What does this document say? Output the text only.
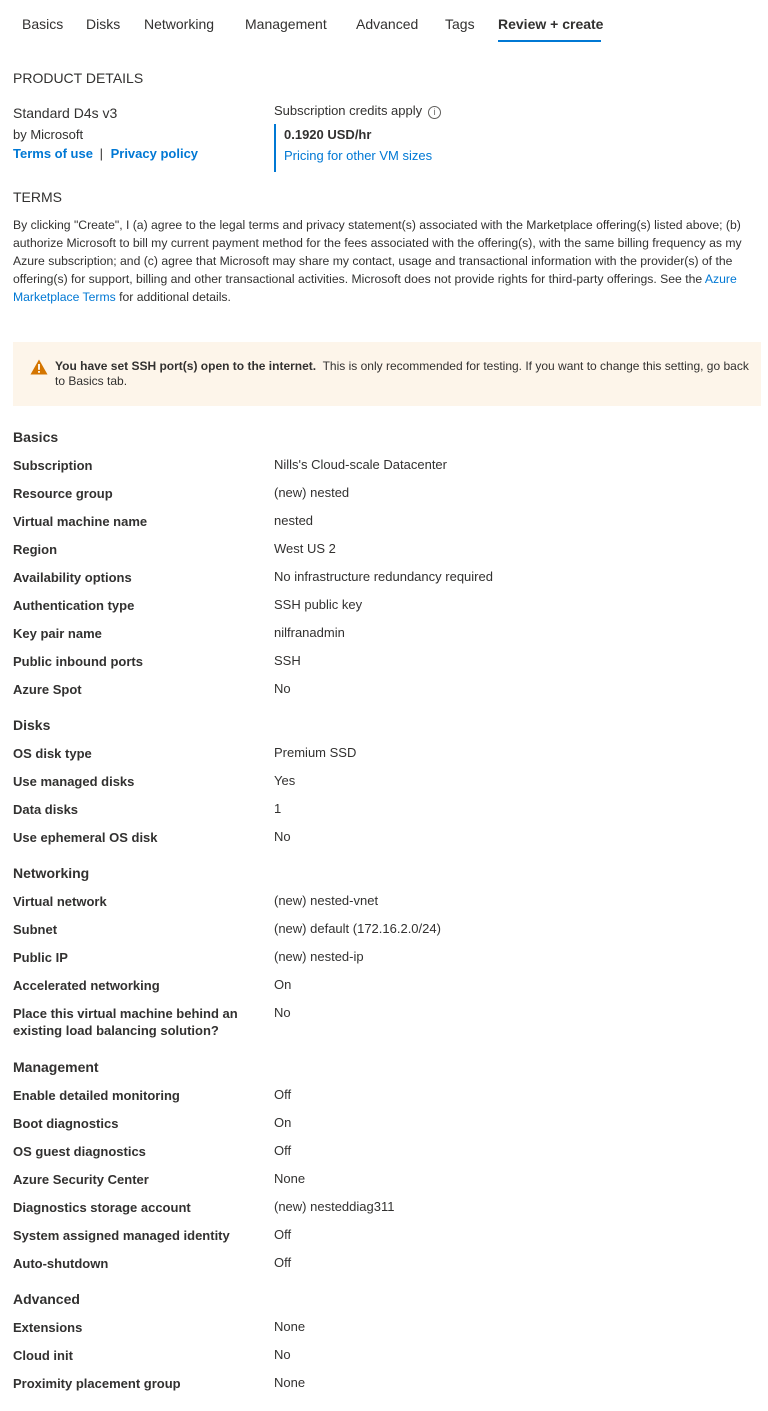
Basics Disks Networking Management Advanced Tags Review + create
PRODUCT DETAILS
Standard D4s v3
by Microsoft
Terms of use | Privacy policy
Subscription credits apply i
0.1920 USD/hr
Pricing for other VM sizes
TERMS
By clicking "Create", I (a) agree to the legal terms and privacy statement(s) associated with the Marketplace offering(s) listed above; (b) authorize Microsoft to bill my current payment method for the fees associated with the offering(s), with the same billing frequency as my Azure subscription; and (c) agree that Microsoft may share my contact, usage and transactional information with the provider(s) of the offering(s) for support, billing and other transactional activities. Microsoft does not provide rights for third-party offerings. See the Azure Marketplace Terms for additional details.
You have set SSH port(s) open to the internet. This is only recommended for testing. If you want to change this setting, go back to Basics tab.
Basics
Subscription	Nills's Cloud-scale Datacenter
Resource group	(new) nested
Virtual machine name	nested
Region	West US 2
Availability options	No infrastructure redundancy required
Authentication type	SSH public key
Key pair name	nilfranadmin
Public inbound ports	SSH
Azure Spot	No
Disks
OS disk type	Premium SSD
Use managed disks	Yes
Data disks	1
Use ephemeral OS disk	No
Networking
Virtual network	(new) nested-vnet
Subnet	(new) default (172.16.2.0/24)
Public IP	(new) nested-ip
Accelerated networking	On
Place this virtual machine behind an existing load balancing solution?
No
Management
Enable detailed monitoring	Off
Boot diagnostics	On
OS guest diagnostics	Off
Azure Security Center	None
Diagnostics storage account	(new) nesteddiag311
System assigned managed identity	Off
Auto-shutdown	Off
Advanced
Extensions	None
Cloud init	No
Proximity placement group	None
